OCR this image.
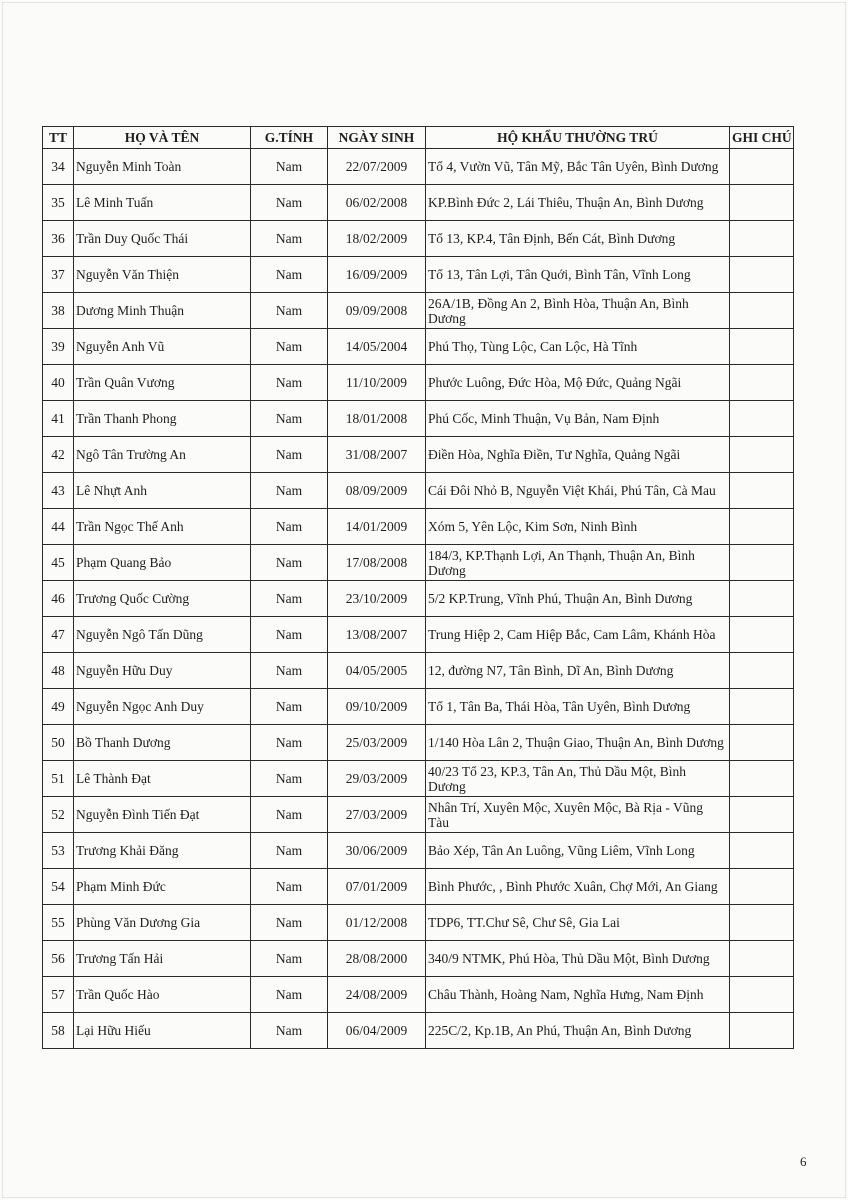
TT	HỌ VÀ TÊN	G.TÍNH	NGÀY SINH	HỘ KHẨU THƯỜNG TRÚ	GHI CHÚ
34	Nguyễn Minh Toàn	Nam	22/07/2009	Tổ 4, Vườn Vũ, Tân Mỹ, Bắc Tân Uyên, Bình Dương	
35	Lê Minh Tuấn	Nam	06/02/2008	KP.Bình Đức 2, Lái Thiêu, Thuận An, Bình Dương	
36	Trần Duy Quốc Thái	Nam	18/02/2009	Tổ 13, KP.4, Tân Định, Bến Cát, Bình Dương	
37	Nguyễn Văn Thiện	Nam	16/09/2009	Tổ 13, Tân Lợi, Tân Quới, Bình Tân, Vĩnh Long	
38	Dương Minh Thuận	Nam	09/09/2008	26A/1B, Đồng An 2, Bình Hòa, Thuận An, Bình Dương	
39	Nguyễn Anh Vũ	Nam	14/05/2004	Phú Thọ, Tùng Lộc, Can Lộc, Hà Tĩnh	
40	Trần Quân Vương	Nam	11/10/2009	Phước Luông, Đức Hòa, Mộ Đức, Quảng Ngãi	
41	Trần Thanh Phong	Nam	18/01/2008	Phú Cốc, Minh Thuận, Vụ Bản, Nam Định	
42	Ngô Tân Trường An	Nam	31/08/2007	Điền Hòa, Nghĩa Điền, Tư Nghĩa, Quảng Ngãi	
43	Lê Nhựt Anh	Nam	08/09/2009	Cái Đôi Nhỏ B, Nguyễn Việt Khái, Phú Tân, Cà Mau	
44	Trần Ngọc Thế Anh	Nam	14/01/2009	Xóm 5, Yên Lộc, Kim Sơn, Ninh Bình	
45	Phạm Quang Bảo	Nam	17/08/2008	184/3, KP.Thạnh Lợi, An Thạnh, Thuận An, Bình Dương	
46	Trương Quốc Cường	Nam	23/10/2009	5/2 KP.Trung, Vĩnh Phú, Thuận An, Bình Dương	
47	Nguyễn Ngô Tấn Dũng	Nam	13/08/2007	Trung Hiệp 2, Cam Hiệp Bắc, Cam Lâm, Khánh Hòa	
48	Nguyễn Hữu Duy	Nam	04/05/2005	12, đường N7, Tân Bình, Dĩ An, Bình Dương	
49	Nguyễn Ngọc Anh Duy	Nam	09/10/2009	Tổ 1, Tân Ba, Thái Hòa, Tân Uyên, Bình Dương	
50	Bồ Thanh Dương	Nam	25/03/2009	1/140 Hòa Lân 2, Thuận Giao, Thuận An, Bình Dương	
51	Lê Thành Đạt	Nam	29/03/2009	40/23 Tổ 23, KP.3, Tân An, Thủ Dầu Một, Bình Dương	
52	Nguyễn Đình Tiến Đạt	Nam	27/03/2009	Nhân Trí, Xuyên Mộc, Xuyên Mộc, Bà Rịa - Vũng Tàu	
53	Trương Khải Đăng	Nam	30/06/2009	Bảo Xép, Tân An Luông, Vũng Liêm, Vĩnh Long	
54	Phạm Minh Đức	Nam	07/01/2009	Bình Phước, , Bình Phước Xuân, Chợ Mới, An Giang	
55	Phùng Văn Dương Gia	Nam	01/12/2008	TDP6, TT.Chư Sê, Chư Sê, Gia Lai	
56	Trương Tấn Hải	Nam	28/08/2000	340/9 NTMK, Phú Hòa, Thủ Dầu Một, Bình Dương	
57	Trần Quốc Hào	Nam	24/08/2009	Châu Thành, Hoàng Nam, Nghĩa Hưng, Nam Định	
58	Lại Hữu Hiếu	Nam	06/04/2009	225C/2, Kp.1B, An Phú, Thuận An, Bình Dương	
6
